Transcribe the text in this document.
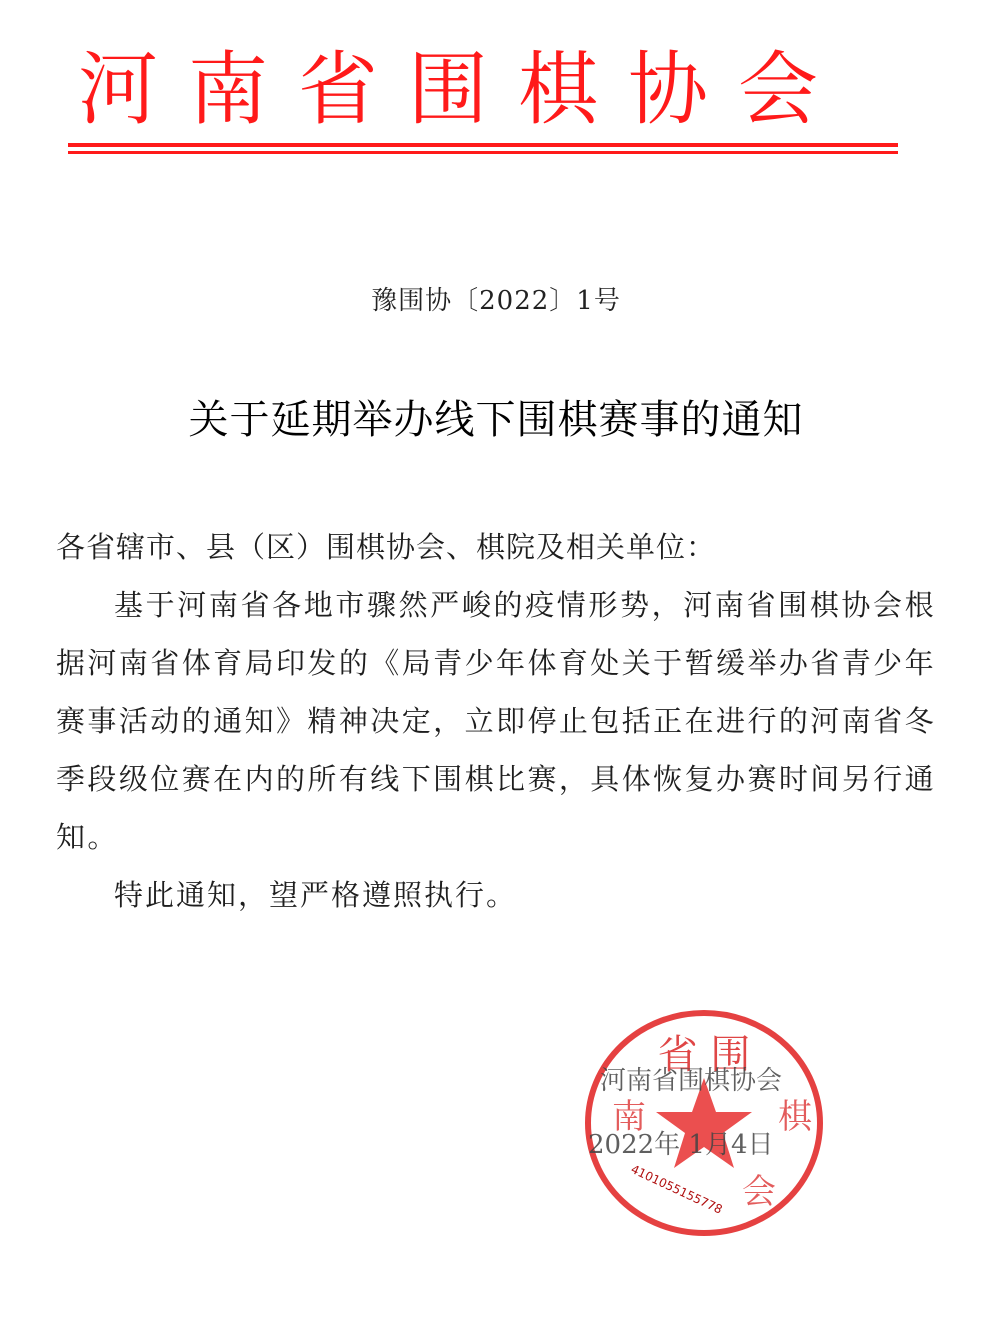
河南省围棋协会
豫围协〔2022〕1号
关于延期举办线下围棋赛事的通知

各省辖市、县（区）围棋协会、棋院及相关单位：

基于河南省各地市骤然严峻的疫情形势，河南省围棋协会根据河南省体育局印发的《局青少年体育处关于暂缓举办省青少年赛事活动的通知》精神决定，立即停止包括正在进行的河南省冬季段级位赛在内的所有线下围棋比赛，具体恢复办赛时间另行通知。

特此通知，望严格遵照执行。

省 围
南	棋
会
4101055155778
河南省围棋协会
2022年 1月4日
